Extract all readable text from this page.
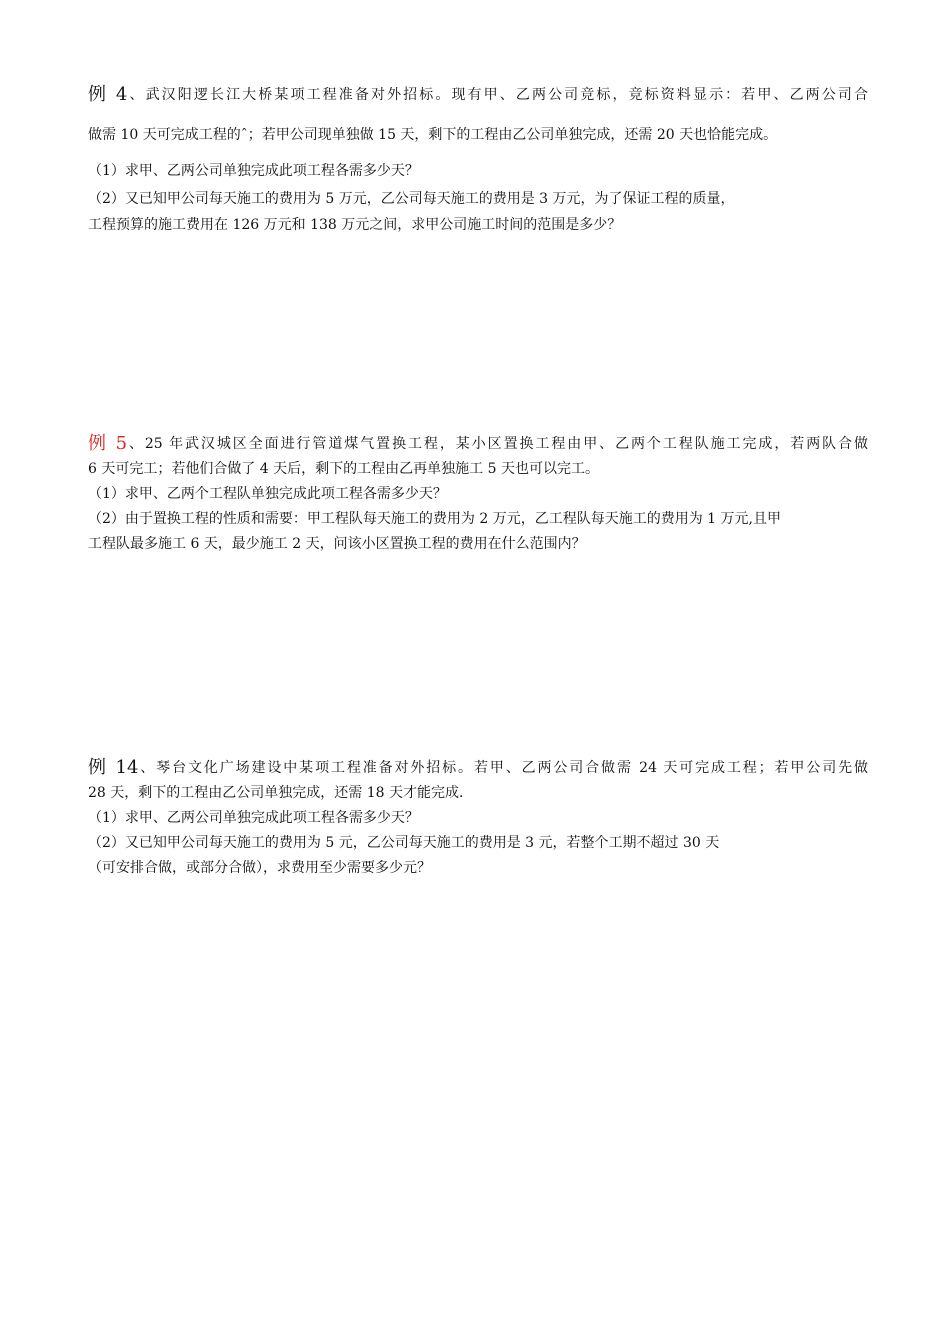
例 4、武汉阳逻长江大桥某项工程准备对外招标。现有甲、乙两公司竞标，竞标资料显示：若甲、乙两公司合
做需 10 天可完成工程的ˆ；若甲公司现单独做 15 天，剩下的工程由乙公司单独完成，还需 20 天也恰能完成。
（1）求甲、乙两公司单独完成此项工程各需多少天？
（2）又已知甲公司每天施工的费用为 5 万元，乙公司每天施工的费用是 3 万元，为了保证工程的质量，
工程预算的施工费用在 126 万元和 138 万元之间，求甲公司施工时间的范围是多少？
例 5、25 年武汉城区全面进行管道煤气置换工程，某小区置换工程由甲、乙两个工程队施工完成，若两队合做
6 天可完工；若他们合做了 4 天后，剩下的工程由乙再单独施工 5 天也可以完工。
（1）求甲、乙两个工程队单独完成此项工程各需多少天？
（2）由于置换工程的性质和需要：甲工程队每天施工的费用为 2 万元，乙工程队每天施工的费用为 1 万元,且甲
工程队最多施工 6 天，最少施工 2 天，问该小区置换工程的费用在什么范围内？
例 14、琴台文化广场建设中某项工程准备对外招标。若甲、乙两公司合做需 24 天可完成工程；若甲公司先做
28 天，剩下的工程由乙公司单独完成，还需 18 天才能完成.
（1）求甲、乙两公司单独完成此项工程各需多少天？
（2）又已知甲公司每天施工的费用为 5 元，乙公司每天施工的费用是 3 元，若整个工期不超过 30 天
（可安排合做，或部分合做），求费用至少需要多少元？
